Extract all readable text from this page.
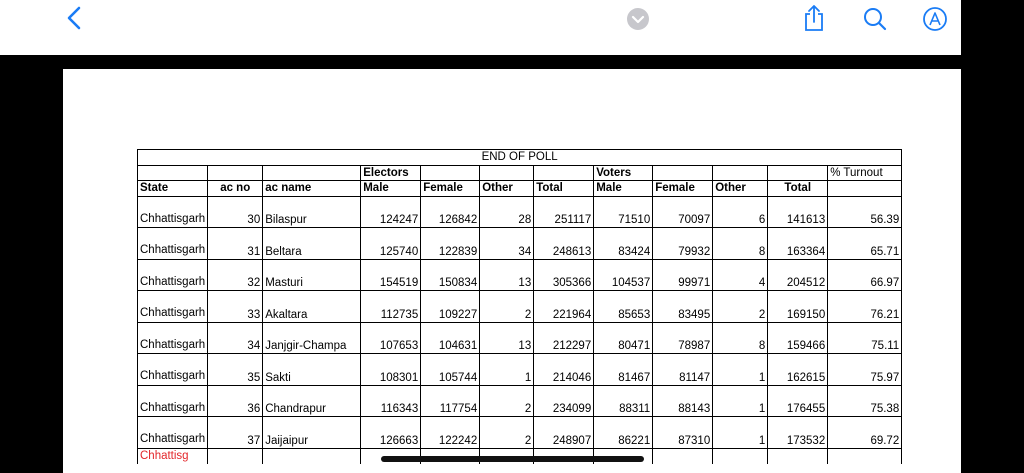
END OF POLL											
			Electors				Voters				% Turnout
State	ac no	ac name	Male	Female	Other	Total	Male	Female	Other	Total	
Chhattisgarh	30	Bilaspur	124247	126842	28	251117	71510	70097	6	141613	56.39
Chhattisgarh	31	Beltara	125740	122839	34	248613	83424	79932	8	163364	65.71
Chhattisgarh	32	Masturi	154519	150834	13	305366	104537	99971	4	204512	66.97
Chhattisgarh	33	Akaltara	112735	109227	2	221964	85653	83495	2	169150	76.21
Chhattisgarh	34	Janjgir-Champa	107653	104631	13	212297	80471	78987	8	159466	75.11
Chhattisgarh	35	Sakti	108301	105744	1	214046	81467	81147	1	162615	75.97
Chhattisgarh	36	Chandrapur	116343	117754	2	234099	88311	88143	1	176455	75.38
Chhattisgarh	37	Jaijaipur	126663	122242	2	248907	86221	87310	1	173532	69.72
Chhattisg											
